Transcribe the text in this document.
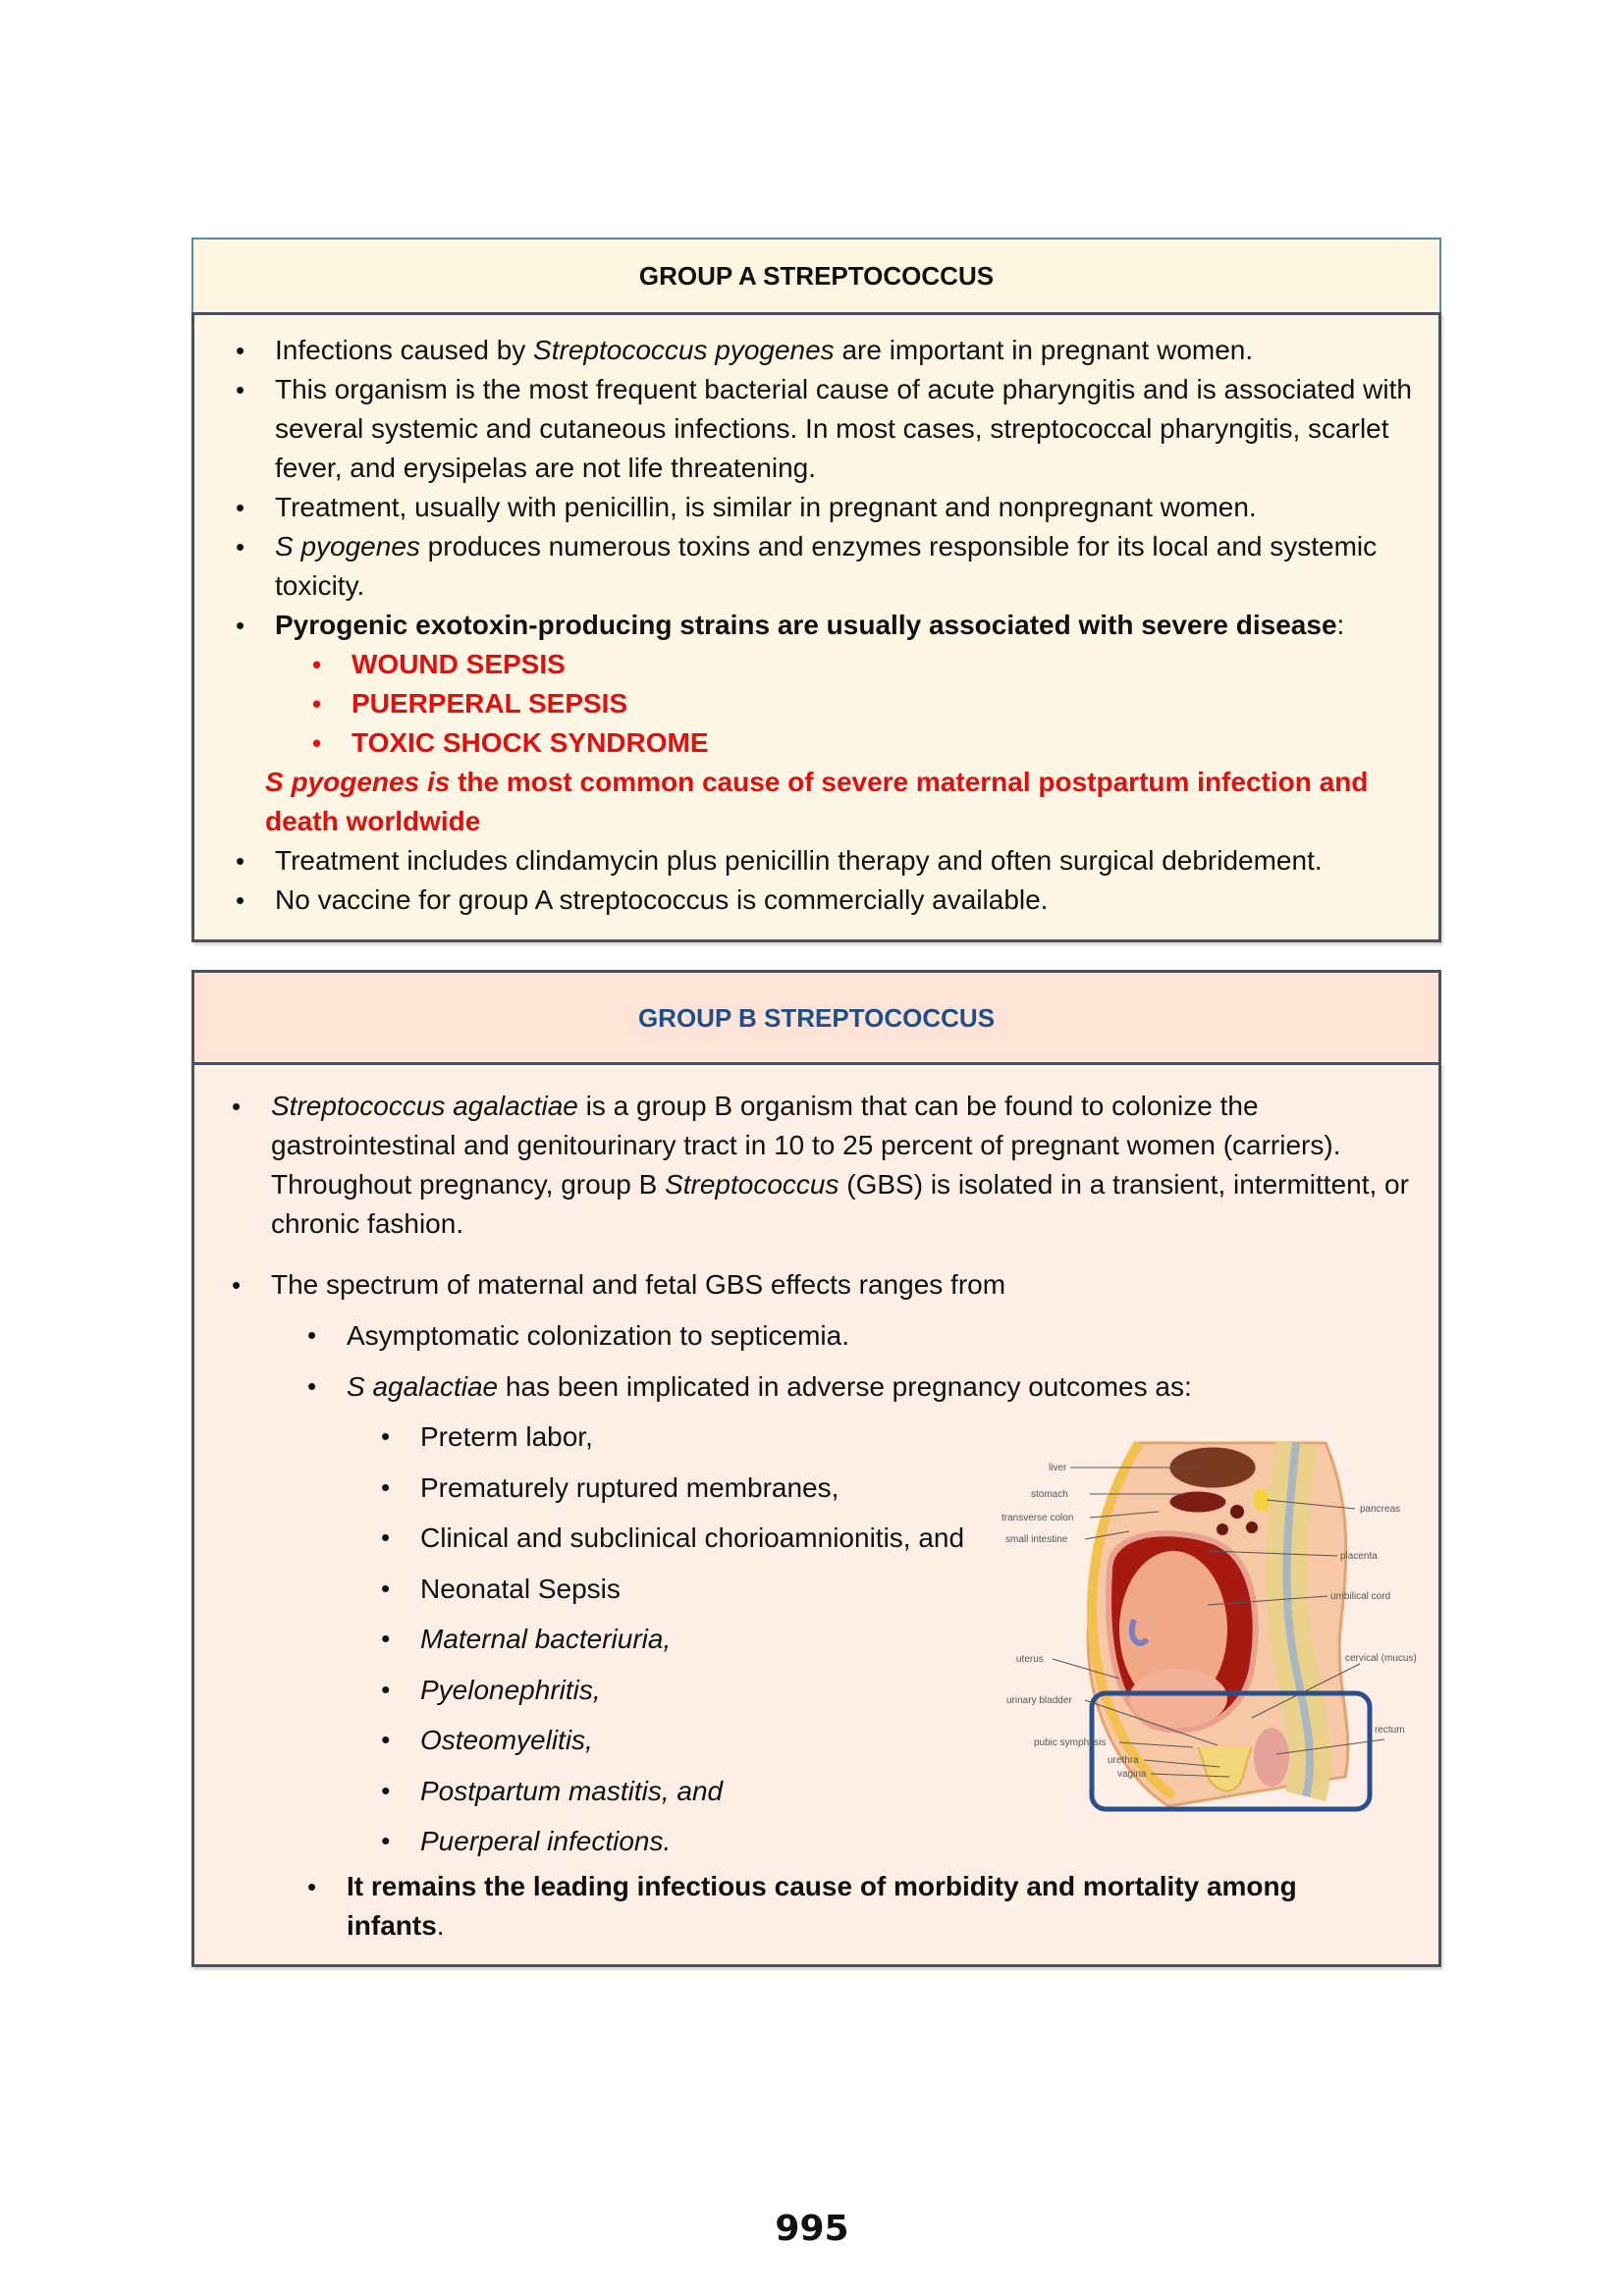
GROUP A STREPTOCOCCUS
• Infections caused by Streptococcus pyogenes are important in pregnant women.
• This organism is the most frequent bacterial cause of acute pharyngitis and is associated with several systemic and cutaneous infections. In most cases, streptococcal pharyngitis, scarlet fever, and erysipelas are not life threatening.
• Treatment, usually with penicillin, is similar in pregnant and nonpregnant women.
• S pyogenes produces numerous toxins and enzymes responsible for its local and systemic toxicity.
• Pyrogenic exotoxin-producing strains are usually associated with severe disease:
• WOUND SEPSIS
• PUERPERAL SEPSIS
• TOXIC SHOCK SYNDROME
S pyogenes is the most common cause of severe maternal postpartum infection and death worldwide
• Treatment includes clindamycin plus penicillin therapy and often surgical debridement.
• No vaccine for group A streptococcus is commercially available.
GROUP B STREPTOCOCCUS
• Streptococcus agalactiae is a group B organism that can be found to colonize the gastrointestinal and genitourinary tract in 10 to 25 percent of pregnant women (carriers). Throughout pregnancy, group B Streptococcus (GBS) is isolated in a transient, intermittent, or chronic fashion.
• The spectrum of maternal and fetal GBS effects ranges from
• Asymptomatic colonization to septicemia.
• S agalactiae has been implicated in adverse pregnancy outcomes as:
• Preterm labor,
• Prematurely ruptured membranes,
• Clinical and subclinical chorioamnionitis, and
• Neonatal Sepsis
• Maternal bacteriuria,
• Pyelonephritis,
• Osteomyelitis,
• Postpartum mastitis, and
• Puerperal infections.
• It remains the leading infectious cause of morbidity and mortality among infants.
liver
stomach
transverse colon
small intestine
pancreas
placenta
umbilical cord
uterus	cervical (mucus)
urinary bladder
rectum
pubic symphysis
urethra
vagina
995
